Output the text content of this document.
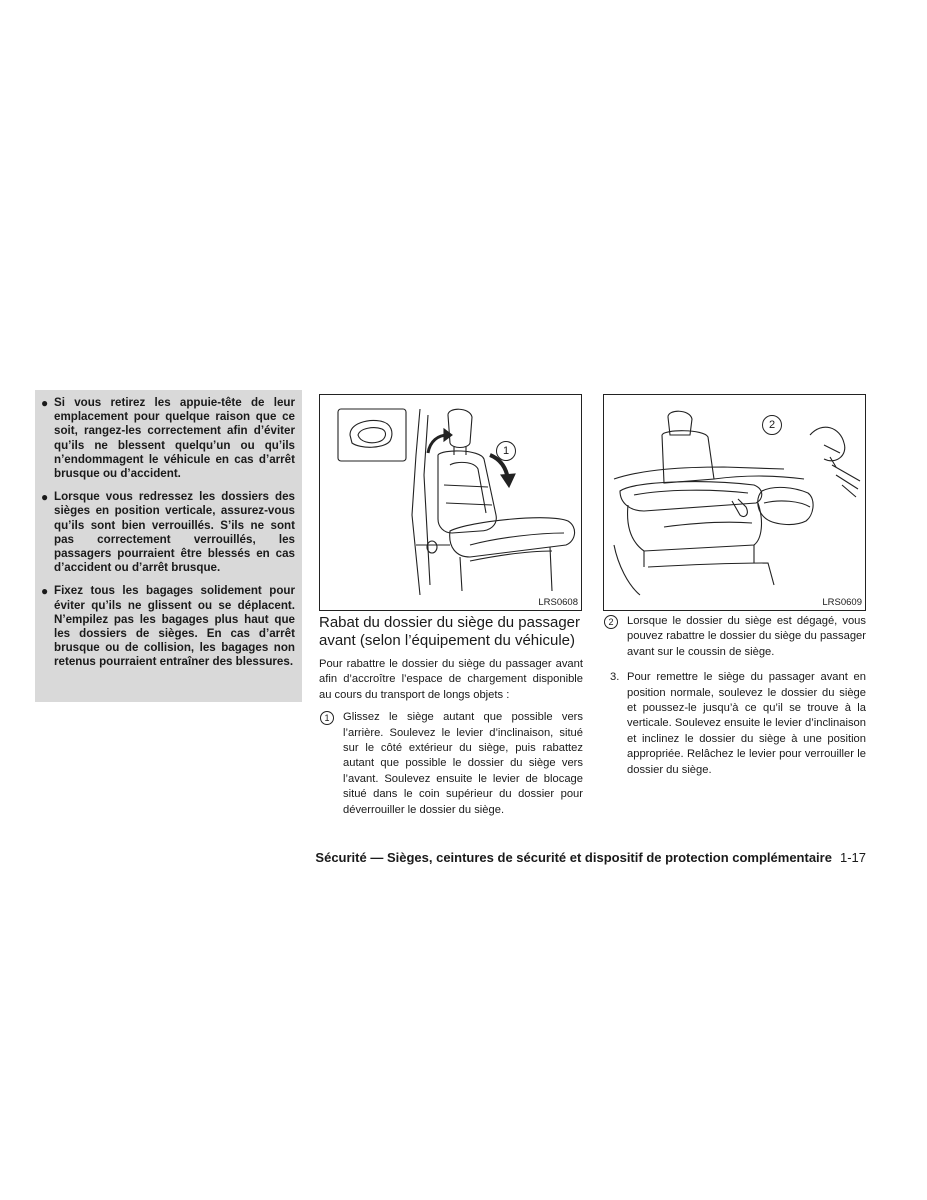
● Si vous retirez les appuie-tête de leur emplacement pour quelque raison que ce soit, rangez-les correctement afin d’éviter qu’ils ne blessent quelqu’un ou qu’ils n’endommagent le véhicule en cas d’arrêt brusque ou d’accident.
● Lorsque vous redressez les dossiers des sièges en position verticale, assurez-vous qu’ils sont bien verrouillés. S’ils ne sont pas correctement verrouillés, les passagers pourraient être blessés en cas d’accident ou d’arrêt brusque.
● Fixez tous les bagages solidement pour éviter qu’ils ne glissent ou se déplacent. N’empilez pas les bagages plus haut que les dossiers de sièges. En cas d’arrêt brusque ou de collision, les bagages non retenus pourraient entraîner des blessures.
1
LRS0608
2
LRS0609
Rabat du dossier du siège du passager avant (selon l’équipement du véhicule)

Pour rabattre le dossier du siège du passager avant afin d’accroître l’espace de chargement disponible au cours du transport de longs objets :

1	Glissez le siège autant que possible vers l’arrière. Soulevez le levier d’inclinaison, situé sur le côté extérieur du siège, puis rabattez autant que possible le dossier du siège vers l’avant. Soulevez ensuite le levier de blocage situé dans le coin supérieur du dossier pour déverrouiller le dossier du siège.
2	Lorsque le dossier du siège est dégagé, vous pouvez rabattre le dossier du siège du passager avant sur le coussin de siège.
3. Pour remettre le siège du passager avant en position normale, soulevez le dossier du siège et poussez-le jusqu’à ce qu’il se trouve à la verticale. Soulevez ensuite le levier d’inclinaison et inclinez le dossier du siège à une position appropriée. Relâchez le levier pour verrouiller le dossier du siège.
Sécurité — Sièges, ceintures de sécurité et dispositif de protection complémentaire 1-17
